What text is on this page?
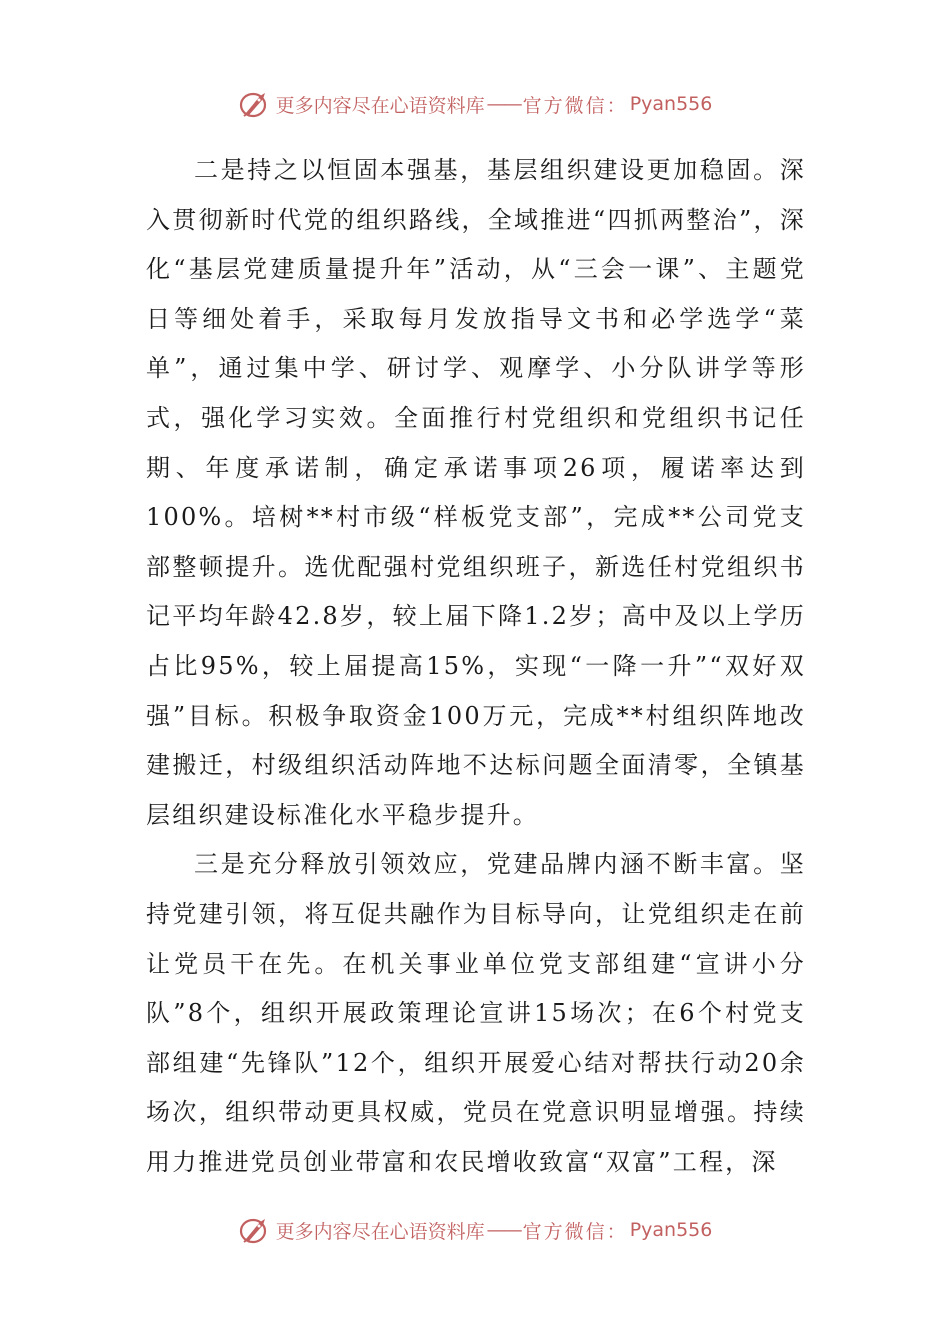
更多内容尽在心语资料库 —— 官方微信： Pyan556

二是持之以恒固本强基，基层组织建设更加稳固。深入贯彻新时代党的组织路线，全域推进“四抓两整治”，深化“基层党建质量提升年”活动，从“三会一课”、主题党日等细处着手，采取每月发放指导文书和必学选学“菜单”，通过集中学、研讨学、观摩学、小分队讲学等形式，强化学习实效。全面推行村党组织和党组织书记任期、年度承诺制，确定承诺事项26项，履诺率达到100%。培树**村市级“样板党支部”，完成**公司党支部整顿提升。选优配强村党组织班子，新选任村党组织书记平均年龄42.8岁，较上届下降1.2岁；高中及以上学历占比95%，较上届提高15%，实现“一降一升”“双好双强”目标。积极争取资金100万元，完成**村组织阵地改建搬迁，村级组织活动阵地不达标问题全面清零，全镇基层组织建设标准化水平稳步提升。

三是充分释放引领效应，党建品牌内涵不断丰富。坚持党建引领，将互促共融作为目标导向，让党组织走在前让党员干在先。在机关事业单位党支部组建“宣讲小分队”8个，组织开展政策理论宣讲15场次；在6个村党支部组建“先锋队”12个，组织开展爱心结对帮扶行动20余场次，组织带动更具权威，党员在党意识明显增强。持续用力推进党员创业带富和农民增收致富“双富”工程，深

更多内容尽在心语资料库 —— 官方微信： Pyan556
